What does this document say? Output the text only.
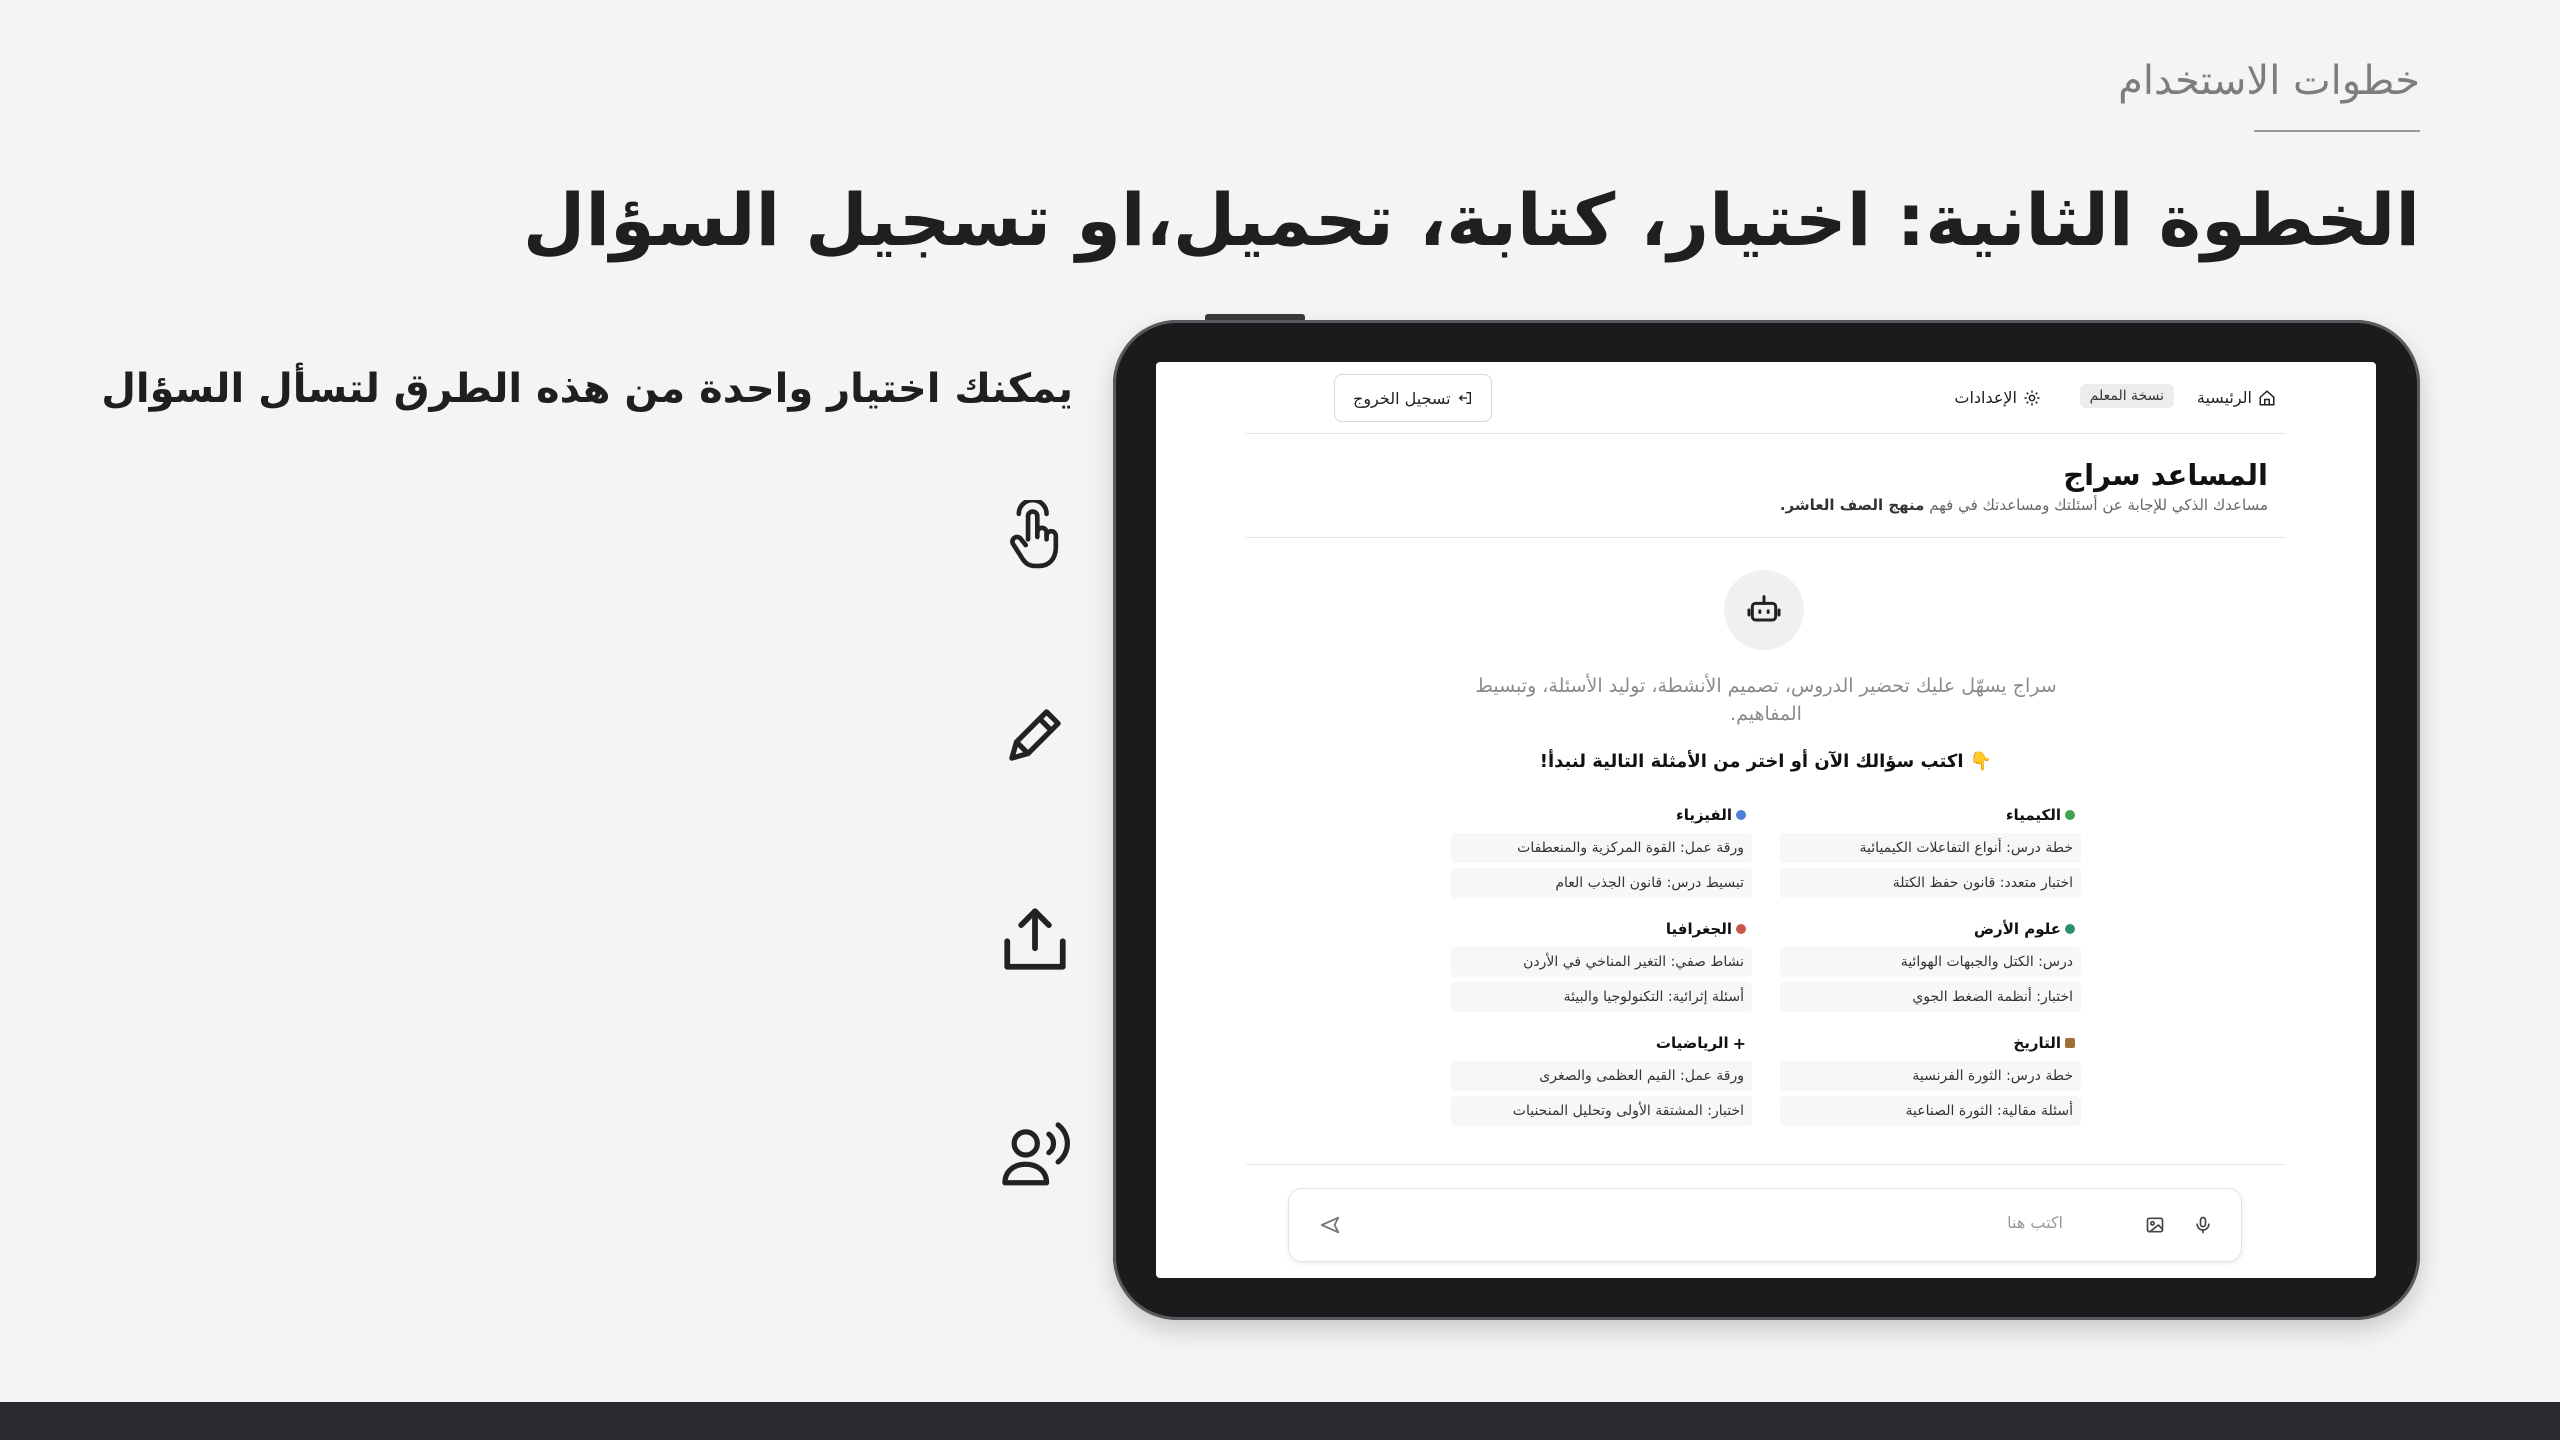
خطوات الاستخدام
الخطوة الثانية: اختيار، كتابة، تحميل،او تسجيل السؤال
يمكنك اختيار واحدة من هذه الطرق لتسأل السؤال	الرئيسية
نسخة المعلم
الإعدادات
تسجيل الخروج
المساعد سراج
مساعدك الذكي للإجابة عن أسئلتك ومساعدتك في فهم منهج الصف العاشر.
سراج يسهّل عليك تحضير الدروس، تصميم الأنشطة، توليد الأسئلة، وتبسيط المفاهيم.
👇 اكتب سؤالك الآن أو اختر من الأمثلة التالية لنبدأ!
الكيمياء
خطة درس: أنواع التفاعلات الكيميائية
اختبار متعدد: قانون حفظ الكتلة
الفيزياء
ورقة عمل: القوة المركزية والمنعطفات
تبسيط درس: قانون الجذب العام
علوم الأرض
درس: الكتل والجبهات الهوائية
اختبار: أنظمة الضغط الجوي
الجغرافيا
نشاط صفي: التغير المناخي في الأردن
أسئلة إثرائية: التكنولوجيا والبيئة
التاريخ
خطة درس: الثورة الفرنسية
أسئلة مقالية: الثورة الصناعية
+
الرياضيات
ورقة عمل: القيم العظمى والصغرى
اختبار: المشتقة الأولى وتحليل المنحنيات
اكتب هنا
